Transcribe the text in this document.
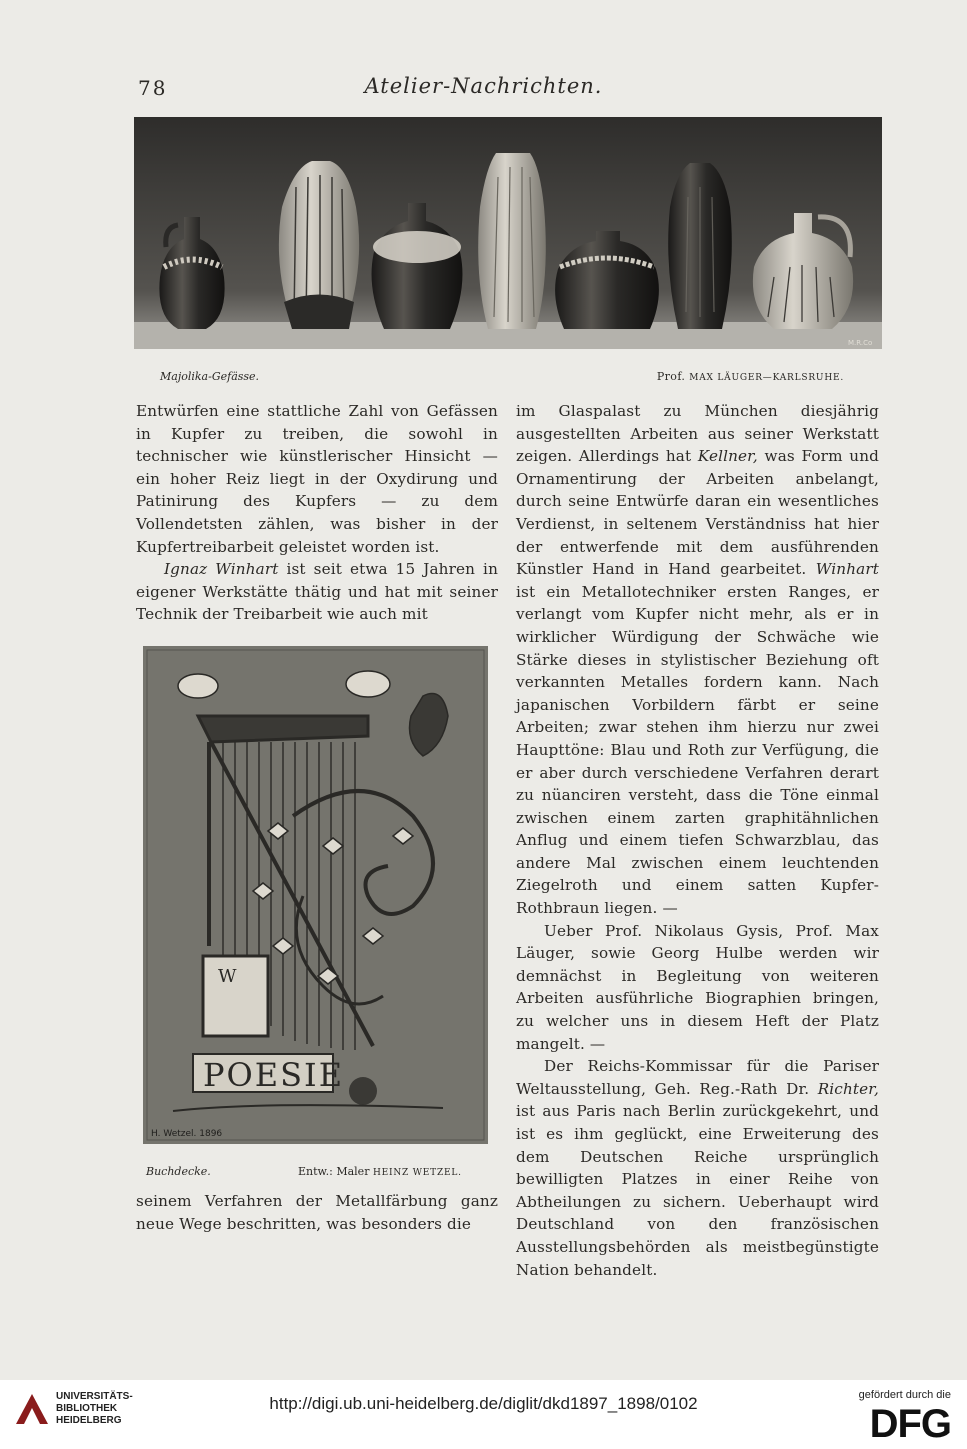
78	Atelier-Nachrichten.
M.R.Co
Majolika-Gefässe.	Prof. MAX LÄUGER—KARLSRUHE.

Entwürfen eine stattliche Zahl von Gefässen in Kupfer zu treiben, die sowohl in technischer wie künstlerischer Hinsicht — ein hoher Reiz liegt in der Oxydirung und Patinirung des Kupfers — zu dem Vollendetsten zählen, was bisher in der Kupfertreibarbeit geleistet worden ist.

Ignaz Winhart ist seit etwa 15 Jahren in eigener Werkstätte thätig und hat mit seiner Technik der Treibarbeit wie auch mit

W
POESIE
H. Wetzel. 1896
Buchdecke.	Entw.: Maler HEINZ WETZEL.

seinem Verfahren der Metallfärbung ganz neue Wege beschritten, was besonders die

im Glaspalast zu München diesjährig ausgestellten Arbeiten aus seiner Werkstatt zeigen. Allerdings hat Kellner, was Form und Ornamentirung der Arbeiten anbelangt, durch seine Entwürfe daran ein wesentliches Verdienst, in seltenem Verständniss hat hier der entwerfende mit dem ausführenden Künstler Hand in Hand gearbeitet. Winhart ist ein Metallotechniker ersten Ranges, er verlangt vom Kupfer nicht mehr, als er in wirklicher Würdigung der Schwäche wie Stärke dieses in stylistischer Beziehung oft verkannten Metalles fordern kann. Nach japanischen Vorbildern färbt er seine Arbeiten; zwar stehen ihm hierzu nur zwei Haupttöne: Blau und Roth zur Verfügung, die er aber durch verschiedene Verfahren derart zu nüanciren versteht, dass die Töne einmal zwischen einem zarten graphitähnlichen Anflug und einem tiefen Schwarzblau, das andere Mal zwischen einem leuchtenden Ziegelroth und einem satten Kupfer-Rothbraun liegen. —

Ueber Prof. Nikolaus Gysis, Prof. Max Läuger, sowie Georg Hulbe werden wir demnächst in Begleitung von weiteren Arbeiten ausführliche Biographien bringen, zu welcher uns in diesem Heft der Platz mangelt. —

Der Reichs-Kommissar für die Pariser Weltausstellung, Geh. Reg.-Rath Dr. Richter, ist aus Paris nach Berlin zurückgekehrt, und ist es ihm geglückt, eine Erweiterung des dem Deutschen Reiche ursprünglich bewilligten Platzes in einer Reihe von Abtheilungen zu sichern. Ueberhaupt wird Deutschland von den französischen Ausstellungsbehörden als meistbegünstigte Nation behandelt.

UNIVERSITÄTS-
BIBLIOTHEK
HEIDELBERG
http://digi.ub.uni-heidelberg.de/diglit/dkd1897_1898/0102	gefördert durch die
DFG
